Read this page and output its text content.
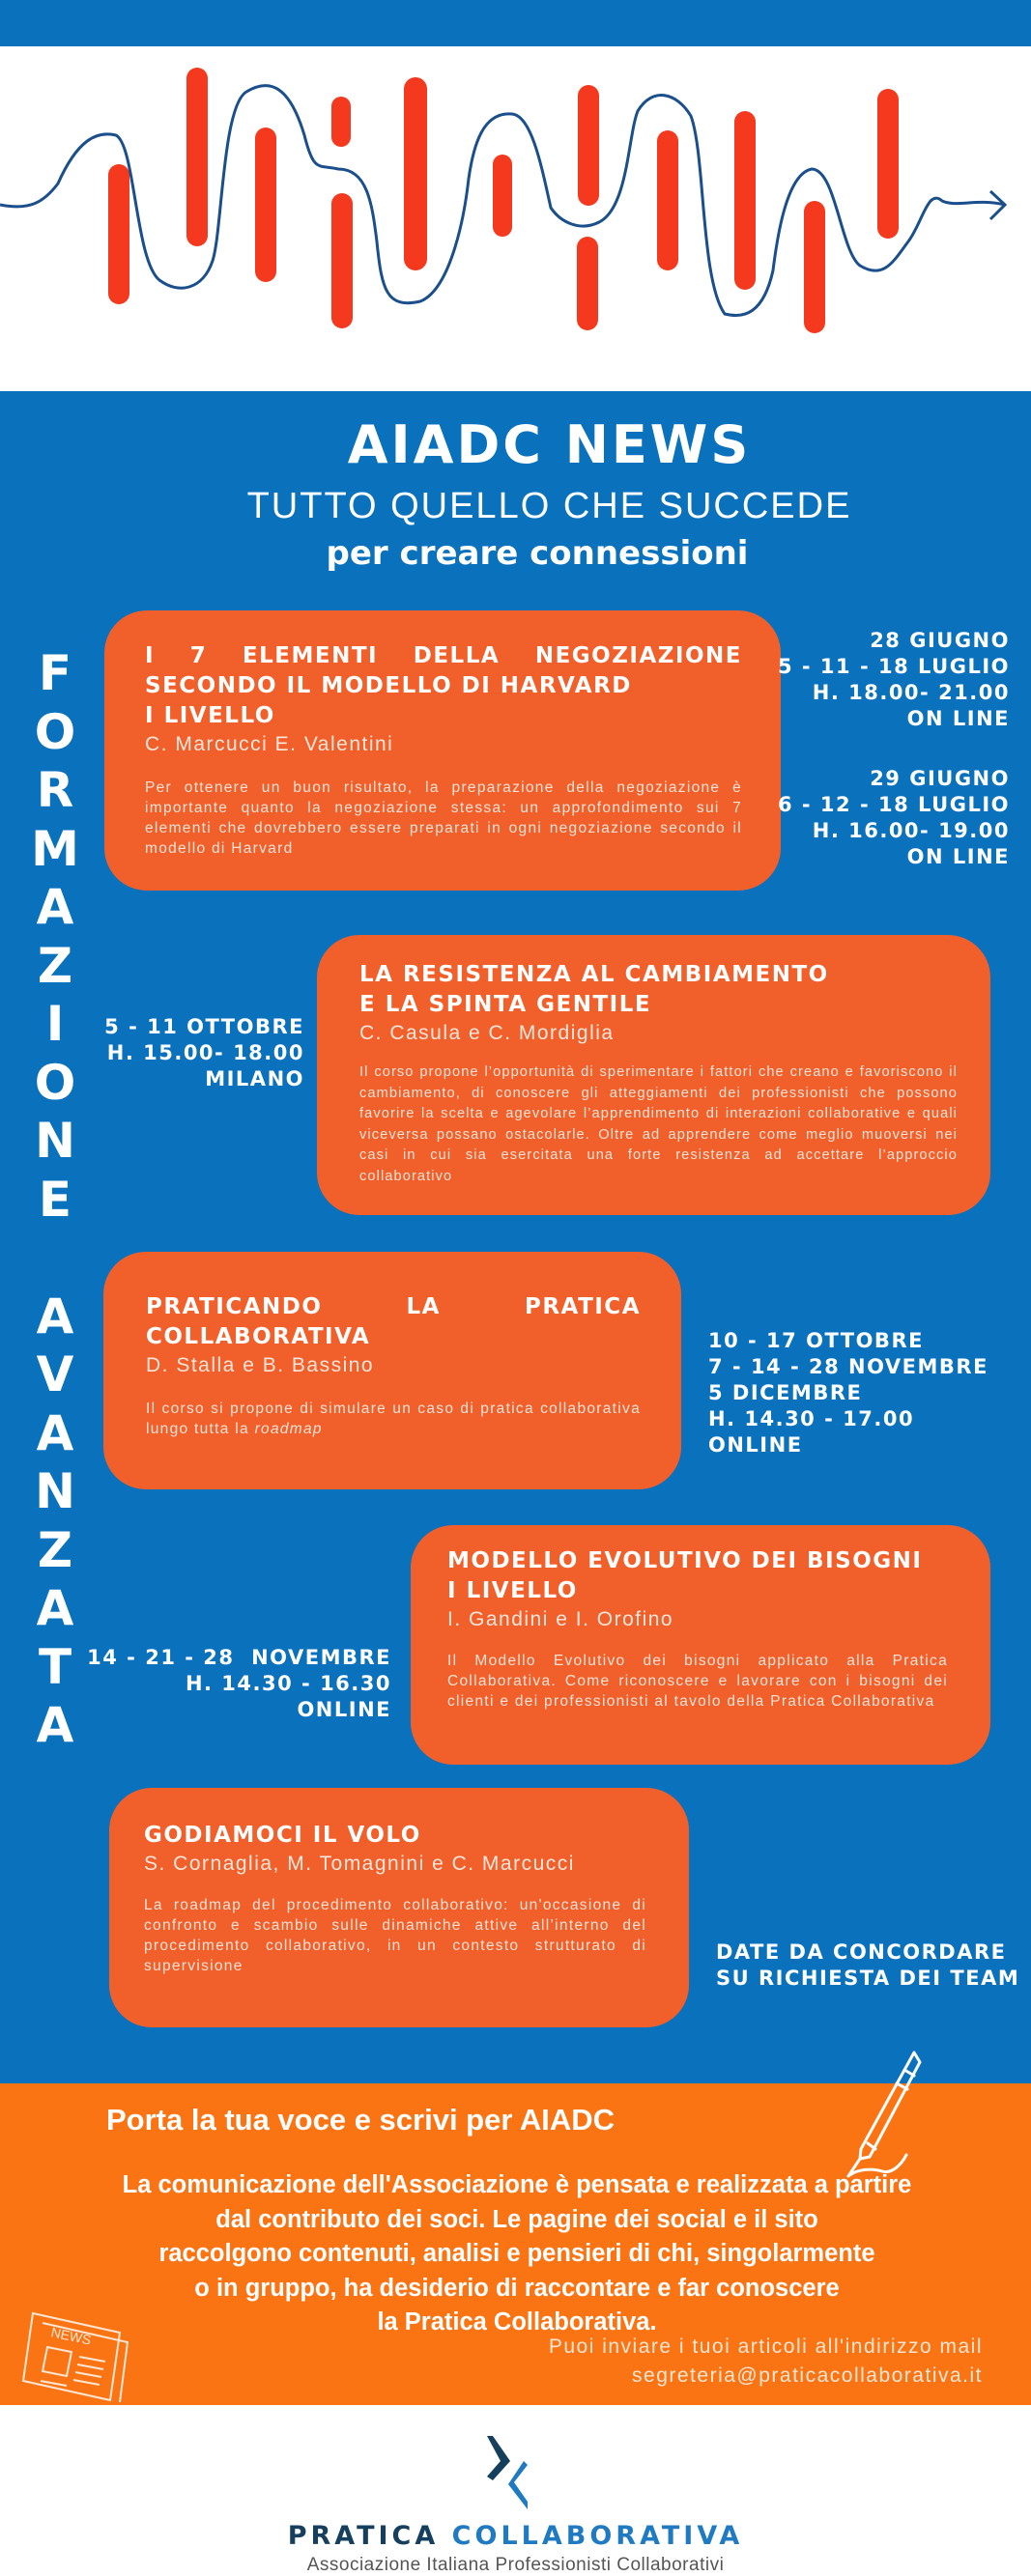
AIADC NEWS
TUTTO QUELLO CHE SUCCEDE
per creare connessioni
F
O
R
M
A
Z
I
O
N
E
A
V
A
N
Z
A
T
A
I 7 ELEMENTI DELLA NEGOZIAZIONE
SECONDO IL MODELLO DI HARVARD
I LIVELLO
C. Marcucci E. Valentini
Per ottenere un buon risultato, la preparazione della negoziazione è importante quanto la negoziazione stessa: un approfondimento sui 7 elementi che dovrebbero essere preparati in ogni negoziazione secondo il modello di Harvard
28 GIUGNO
5 - 11 - 18 LUGLIO
H. 18.00- 21.00
ON LINE
29 GIUGNO
6 - 12 - 18 LUGLIO
H. 16.00- 19.00
ON LINE
LA RESISTENZA AL CAMBIAMENTO
E LA SPINTA GENTILE
C. Casula e C. Mordiglia
Il corso propone l’opportunità di sperimentare i fattori che creano e favoriscono il cambiamento, di conoscere gli atteggiamenti dei professionisti che possono favorire la scelta e agevolare l’apprendimento di interazioni collaborative e quali viceversa possano ostacolarle. Oltre ad apprendere come meglio muoversi nei casi in cui sia esercitata una forte resistenza ad accettare l’approccio collaborativo
5 - 11 OTTOBRE
H. 15.00- 18.00
MILANO
PRATICANDO LA PRATICA
COLLABORATIVA
D. Stalla e B. Bassino
Il corso si propone di simulare un caso di pratica collaborativa lungo tutta la roadmap
10 - 17 OTTOBRE
7 - 14 - 28 NOVEMBRE
5 DICEMBRE
H. 14.30 - 17.00
ONLINE
MODELLO EVOLUTIVO DEI BISOGNI
I LIVELLO
I. Gandini e I. Orofino
Il Modello Evolutivo dei bisogni applicato alla Pratica Collaborativa. Come riconoscere e lavorare con i bisogni dei clienti e dei professionisti al tavolo della Pratica Collaborativa
14 - 21 - 28  NOVEMBRE
H. 14.30 - 16.30
ONLINE
GODIAMOCI IL VOLO
S. Cornaglia, M. Tomagnini e C. Marcucci
La roadmap del procedimento collaborativo: un'occasione di confronto e scambio sulle dinamiche attive all’interno del procedimento collaborativo, in un contesto strutturato di supervisione
DATE DA CONCORDARE
SU RICHIESTA DEI TEAM
NEWS
Porta la tua voce e scrivi per AIADC
La comunicazione dell'Associazione è pensata e realizzata a partire
dal contributo dei soci. Le pagine dei social e il sito
raccolgono contenuti, analisi e pensieri di chi, singolarmente
o in gruppo, ha desiderio di raccontare e far conoscere
la Pratica Collaborativa.
Puoi inviare i tuoi articoli all'indirizzo mail
segreteria@praticacollaborativa.it
PRATICA COLLABORATIVA
Associazione Italiana Professionisti Collaborativi
